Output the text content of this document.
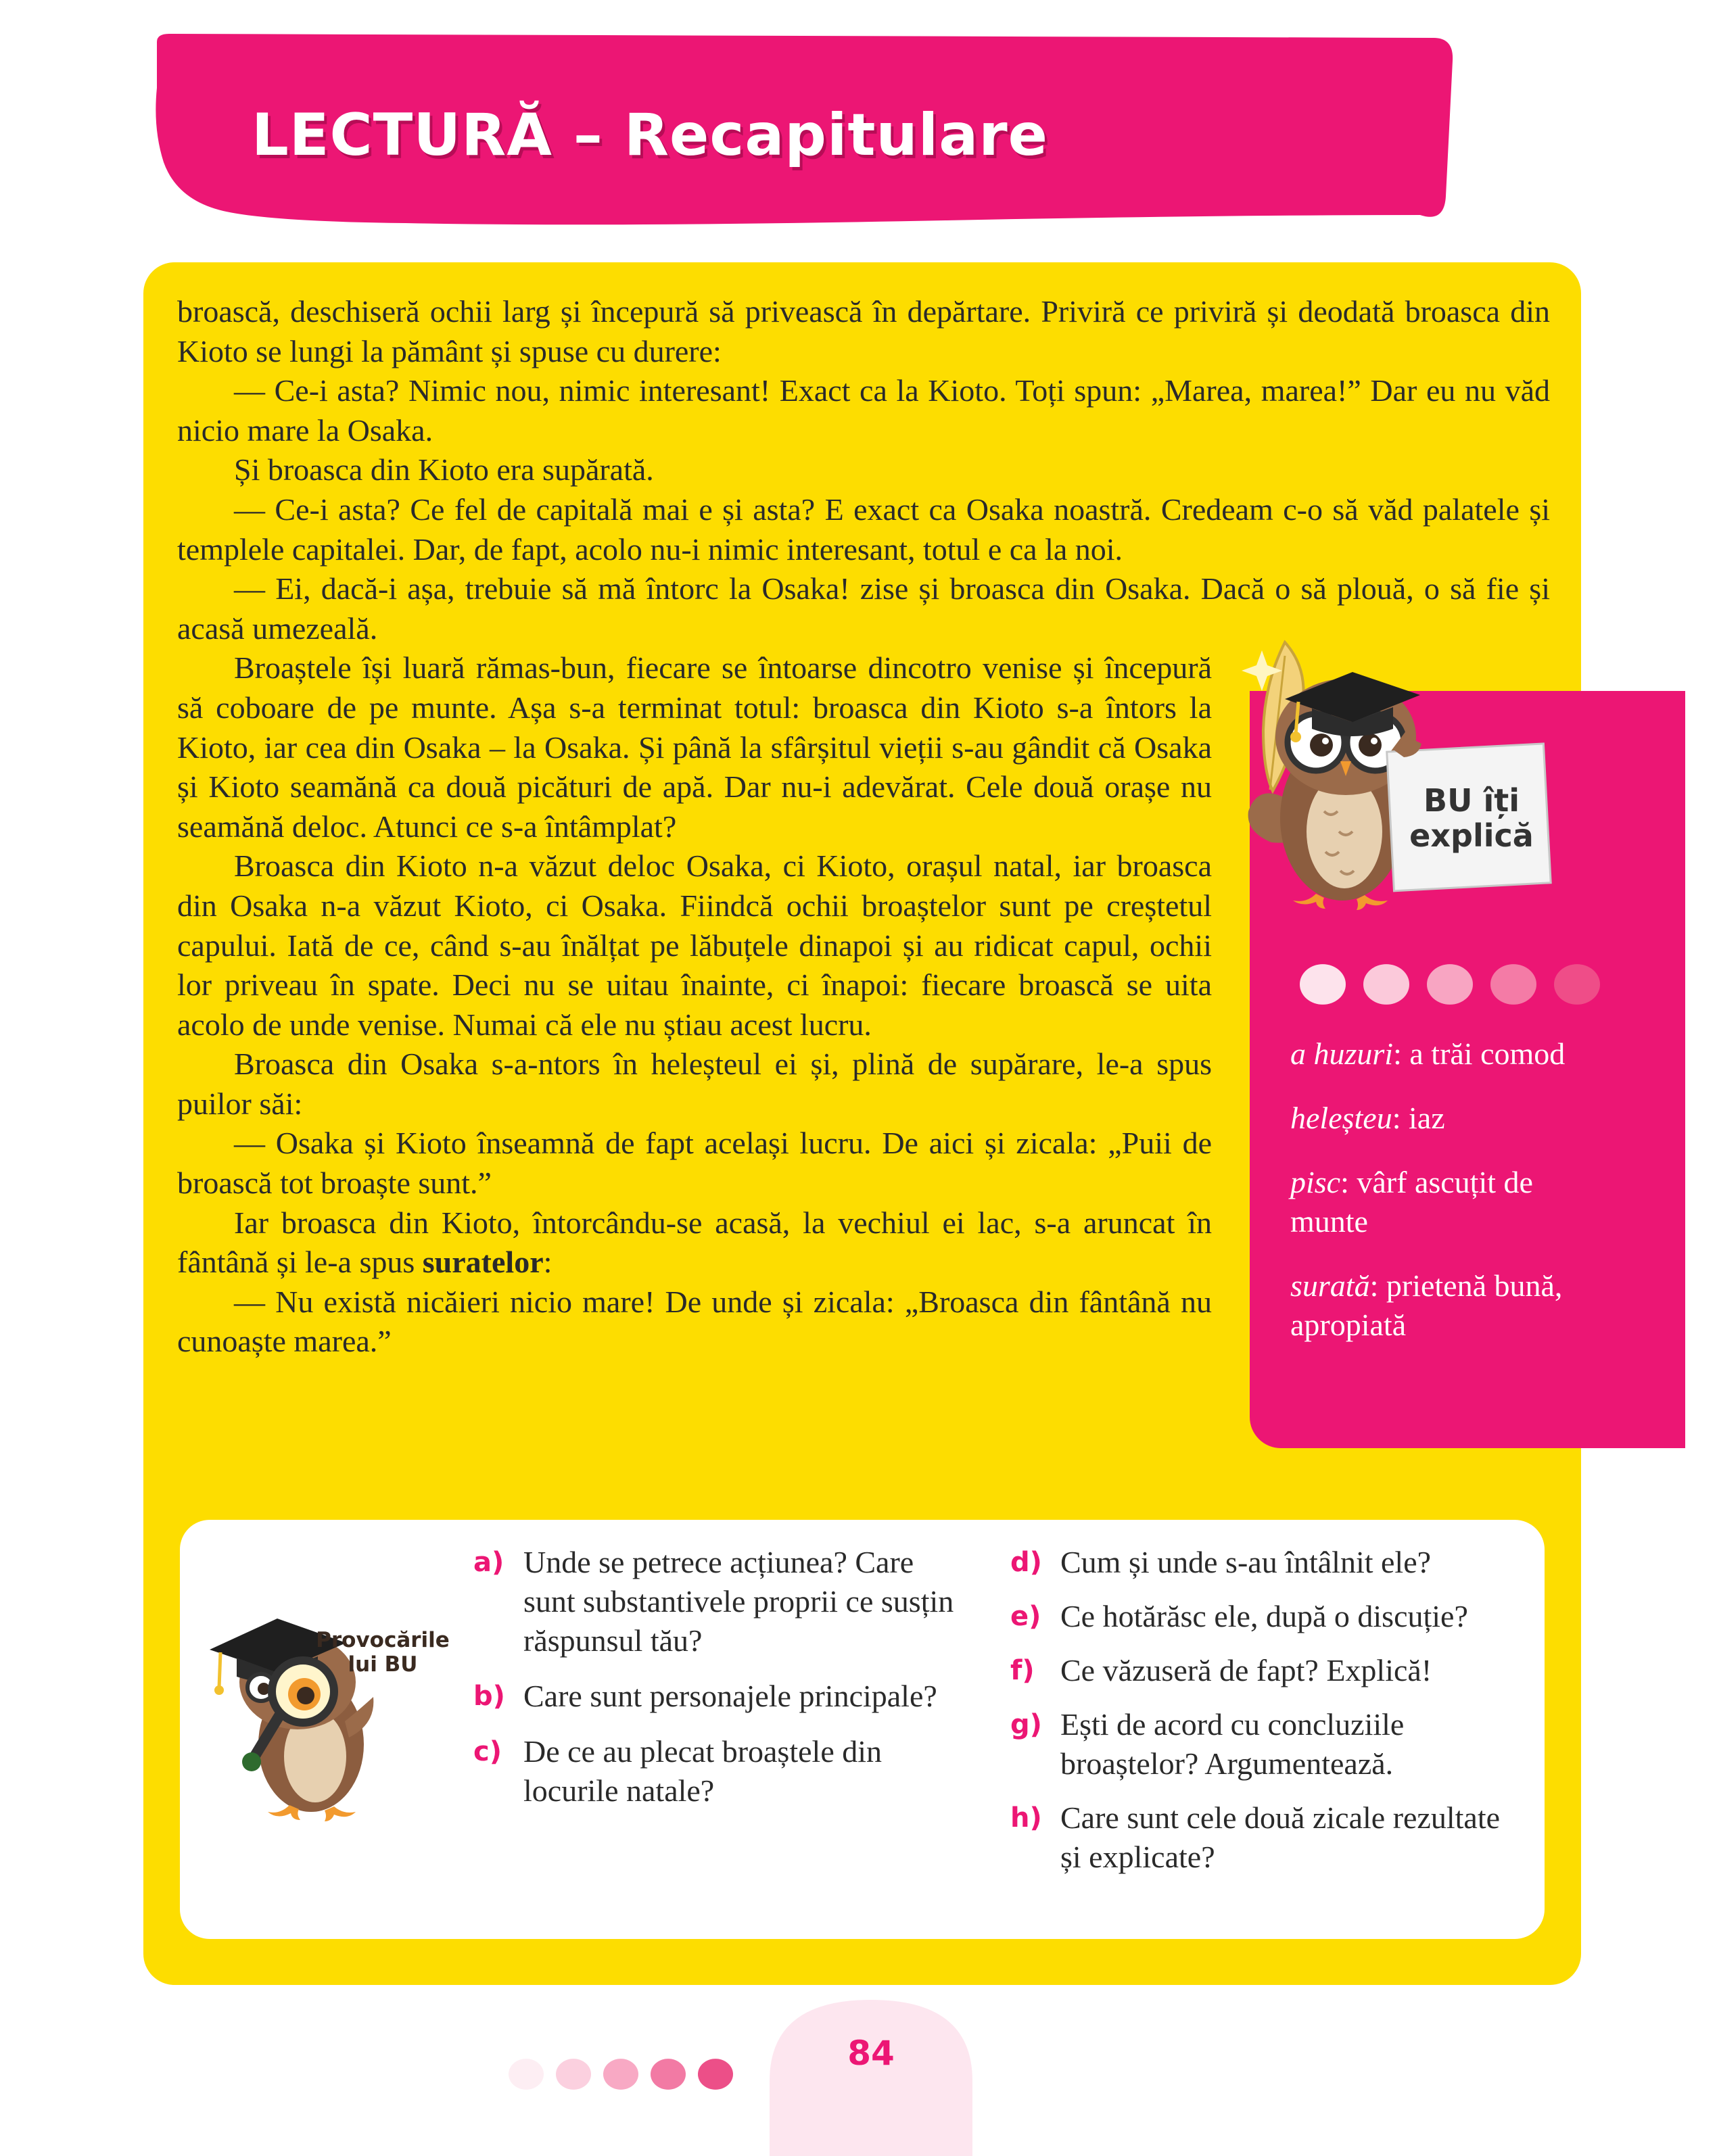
LECTURĂ – Recapitulare

broască, deschiseră ochii larg și începură să privească în depărtare. Priviră ce priviră și deodată broasca din Kioto se lungi la pământ și spuse cu durere:

— Ce-i asta? Nimic nou, nimic interesant! Exact ca la Kioto. Toți spun: „Marea, marea!” Dar eu nu văd nicio mare la Osaka.

Și broasca din Kioto era supărată.

— Ce-i asta? Ce fel de capitală mai e și asta? E exact ca Osaka noastră. Credeam c-o să văd palatele și templele capitalei. Dar, de fapt, acolo nu-i nimic interesant, totul e ca la noi.

— Ei, dacă-i așa, trebuie să mă întorc la Osaka! zise și broasca din Osaka. Dacă o să plouă, o să fie și acasă umezeală.

Broaștele își luară rămas-bun, fiecare se întoarse dincotro venise și începură să coboare de pe munte. Așa s-a terminat totul: broasca din Kioto s-a întors la Kioto, iar cea din Osaka – la Osaka. Și până la sfârșitul vieții s-au gândit că Osaka și Kioto seamănă ca două picături de apă. Dar nu-i adevărat. Cele două orașe nu seamănă deloc. Atunci ce s-a întâmplat?

Broasca din Kioto n-a văzut deloc Osaka, ci Kioto, orașul natal, iar broasca din Osaka n-a văzut Kioto, ci Osaka. Fiindcă ochii broaștelor sunt pe creștetul capului. Iată de ce, când s-au înălțat pe lăbuțele dinapoi și au ridicat capul, ochii lor priveau în spate. Deci nu se uitau înainte, ci înapoi: fiecare broască se uita acolo de unde venise. Numai că ele nu știau acest lucru.

Broasca din Osaka s-a-ntors în heleșteul ei și, plină de supărare, le-a spus puilor săi:

— Osaka și Kioto înseamnă de fapt același lucru. De aici și zicala: „Puii de broască tot broaște sunt.”

Iar broasca din Kioto, întorcându-se acasă, la vechiul ei lac, s-a aruncat în fântână și le-a spus suratelor:

— Nu există nicăieri nicio mare! De unde și zicala: „Broasca din fântână nu cunoaște marea.”

BU îți
explică

a huzuri: a trăi comod

heleșteu: iaz

pisc: vârf ascuțit de munte

surată: prietenă bună, apropiată

Provocările
lui BU
a) Unde se petrece acțiunea? Care sunt substantivele proprii ce susțin răspunsul tău?
b) Care sunt personajele principale?
c) De ce au plecat broaștele din locurile natale?
d) Cum și unde s-au întâlnit ele?
e) Ce hotărăsc ele, după o discuție?
f) Ce văzuseră de fapt? Explică!
g) Ești de acord cu concluziile broaștelor? Argumentează.
h) Care sunt cele două zicale rezultate și explicate?
84
